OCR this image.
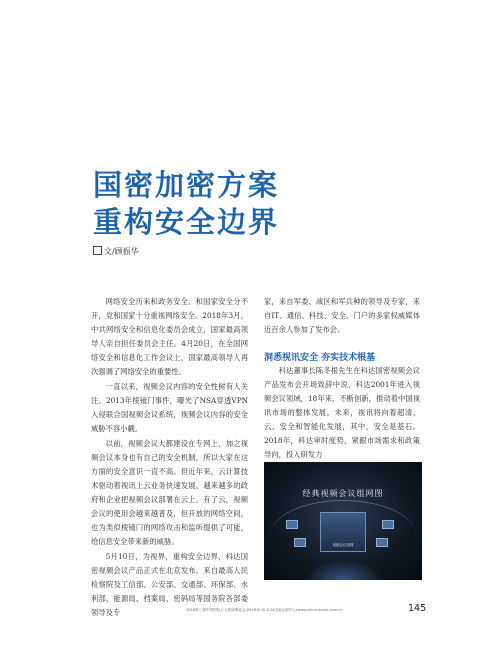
国密加密方案
重构安全边界
文/顾振华

网络安全历来和政务安全、和国家安全分不开，党和国家十分重视网络安全。2018年3月，中共网络安全和信息化委员会成立，国家最高领导人亲自担任委员会主任。4月20日，在全国网络安全和信息化工作会议上，国家最高领导人再次强调了网络安全的重要性。

一直以来，视频会议内容的安全性树有人关注。2013年棱镜门事件，曝光了NSA穿透VPN入侵联合国视频会议系统，视频会议内容的安全威胁不容小觑。

以前，视频会议大都建设在专网上，加之视频会议本身也有自己的安全机制，所以大家在这方面的安全意识一直不高。但近年来，云计算技术驱动着视讯上云业务快速发展，越来越多的政府和企业把视频会议部署在云上。有了云，视频会议的使用会越来越普及，但开放的网络空间，也为类似棱镜门的网络攻击和监听提供了可能，给信息安全带来新的威胁。

5月10日，为视界，重构安全边界，科达国密视频会议产品正式在北京发布。来自最高人民检察院及工信部、公安部、交通部、环保部、水利部、能源局、档案局、密码局等国务院各部委领导及专

家，来自军委、战区和军兵种的领导及专家，来自IT、通信、科技、安全、门户的多家权威媒体近百余人参加了发布会。

洞悉视讯安全 夯实技术根基

科达董事长陈冬根先生在科达国密视频会议产品发布会开场致辞中说，科达2001年进入视频会议领域，18年来，不断创新，推动着中国视讯市场的整体发展。未来，视讯将向着超清、云、安全和智能化发展，其中，安全是基石。2018年，科达审时度势，紧跟市场需求和政策导向，投入研发力

经典视频会议组网图
视频会议组网
2018第三届中国国际太人系统博览会(2018.6.20-6.24济南会展中心)www.china-drone.com.cn	145
